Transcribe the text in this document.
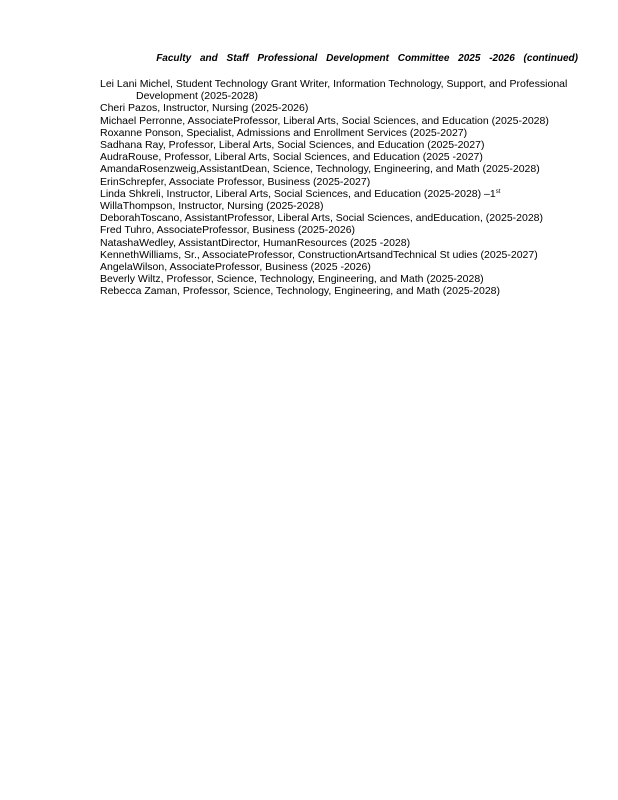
Faculty and Staff Professional Development Committee 2025 -2026 (continued)
Lei Lani Michel, Student Technology Grant Writer, Information Technology, Support, and Professional Development (2025-2028)
Cheri Pazos, Instructor, Nursing (2025-2026)
Michael Perronne, AssociateProfessor, Liberal Arts, Social Sciences, and Education (2025-2028)
Roxanne Ponson, Specialist, Admissions and Enrollment Services (2025-2027)
Sadhana Ray, Professor, Liberal Arts, Social Sciences, and Education (2025-2027)
AudraRouse, Professor, Liberal Arts, Social Sciences, and Education (2025 -2027)
AmandaRosenzweig,AssistantDean, Science, Technology, Engineering, and Math (2025-2028)
ErinSchrepfer, Associate Professor, Business (2025-2027)
Linda Shkreli, Instructor, Liberal Arts, Social Sciences, and Education (2025-2028) –1st
WillaThompson, Instructor, Nursing (2025-2028)
DeborahToscano, AssistantProfessor, Liberal Arts, Social Sciences, andEducation, (2025-2028)
Fred Tuhro, AssociateProfessor, Business (2025-2026)
NatashaWedley, AssistantDirector, HumanResources (2025 -2028)
KennethWilliams, Sr., AssociateProfessor, ConstructionArtsandTechnical St udies (2025-2027)
AngelaWilson, AssociateProfessor, Business (2025 -2026)
Beverly Wiltz, Professor, Science, Technology, Engineering, and Math (2025-2028)
Rebecca Zaman, Professor, Science, Technology, Engineering, and Math (2025-2028)
